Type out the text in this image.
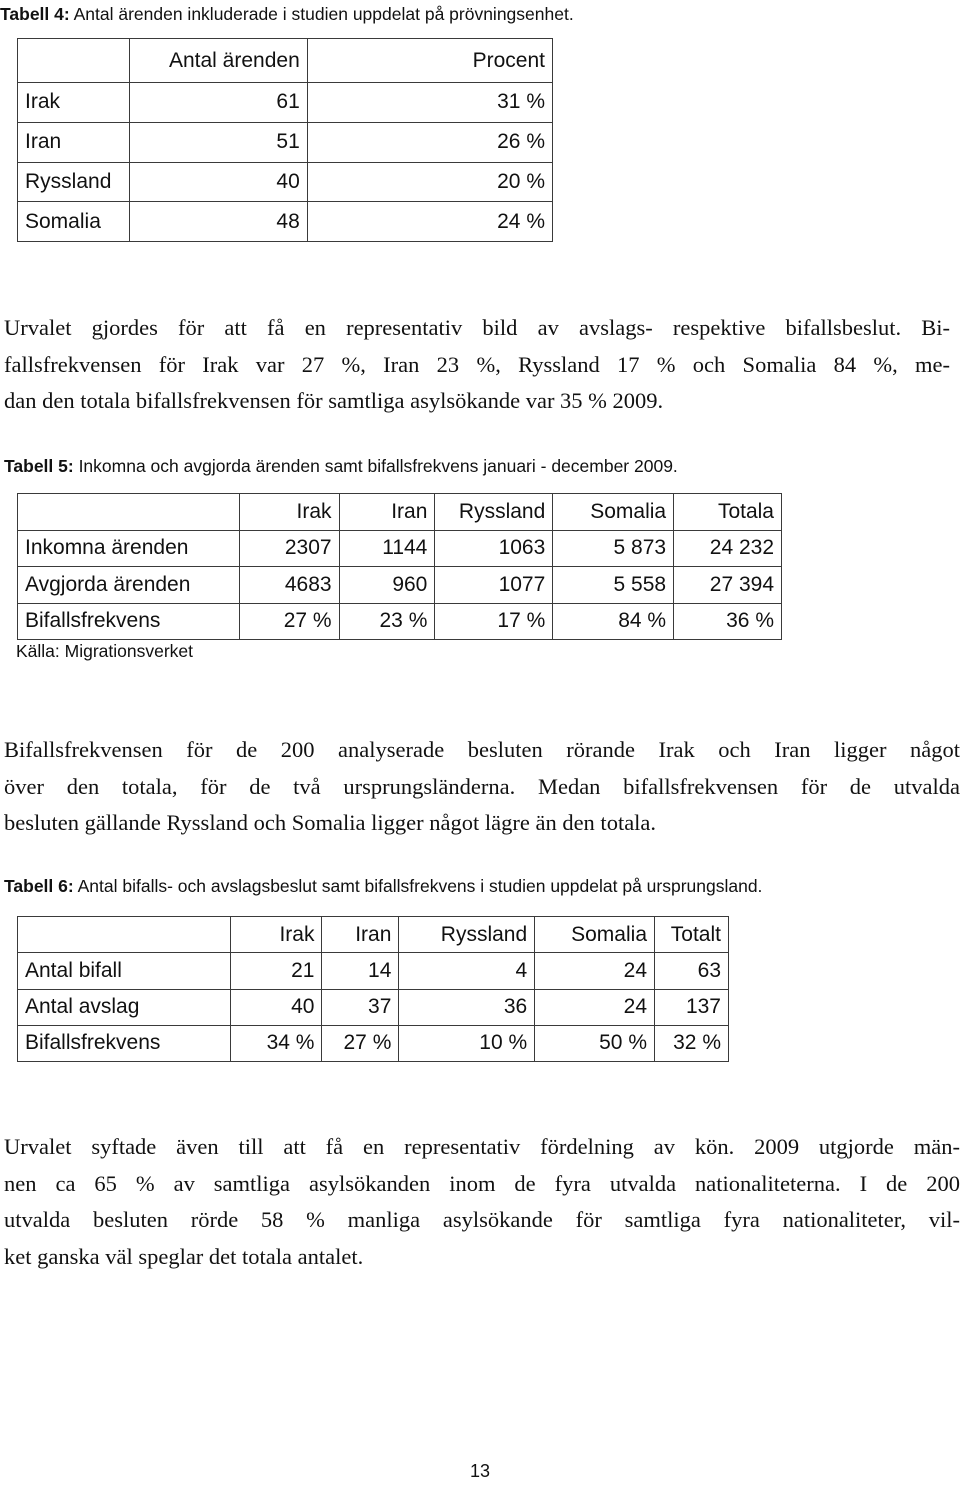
Tabell 4: Antal ärenden inkluderade i studien uppdelat på prövningsenhet.
	Antal ärenden	Procent
Irak	61	31 %
Iran	51	26 %
Ryssland	40	20 %
Somalia	48	24 %
Urvalet gjordes för att få en representativ bild av avslags- respektive bifallsbeslut. Bi-
fallsfrekvensen för Irak var 27 %, Iran 23 %, Ryssland 17 % och Somalia 84 %, me-
dan den totala bifallsfrekvensen för samtliga asylsökande var 35 % 2009.
Tabell 5: Inkomna och avgjorda ärenden samt bifallsfrekvens januari - december 2009.
	Irak	Iran	Ryssland	Somalia	Totala
Inkomna ärenden	2307	1144	1063	5 873	24 232
Avgjorda ärenden	4683	960	1077	5 558	27 394
Bifallsfrekvens	27 %	23 %	17 %	84 %	36 %
Källa: Migrationsverket
Bifallsfrekvensen för de 200 analyserade besluten rörande Irak och Iran ligger något
över den totala, för de två ursprungsländerna. Medan bifallsfrekvensen för de utvalda
besluten gällande Ryssland och Somalia ligger något lägre än den totala.
Tabell 6: Antal bifalls- och avslagsbeslut samt bifallsfrekvens i studien uppdelat på ursprungsland.
	Irak	Iran	Ryssland	Somalia	Totalt
Antal bifall	21	14	4	24	63
Antal avslag	40	37	36	24	137
Bifallsfrekvens	34 %	27 %	10 %	50 %	32 %
Urvalet syftade även till att få en representativ fördelning av kön. 2009 utgjorde män-
nen ca 65 % av samtliga asylsökanden inom de fyra utvalda nationaliteterna. I de 200
utvalda besluten rörde 58 % manliga asylsökande för samtliga fyra nationaliteter, vil-
ket ganska väl speglar det totala antalet.
13
